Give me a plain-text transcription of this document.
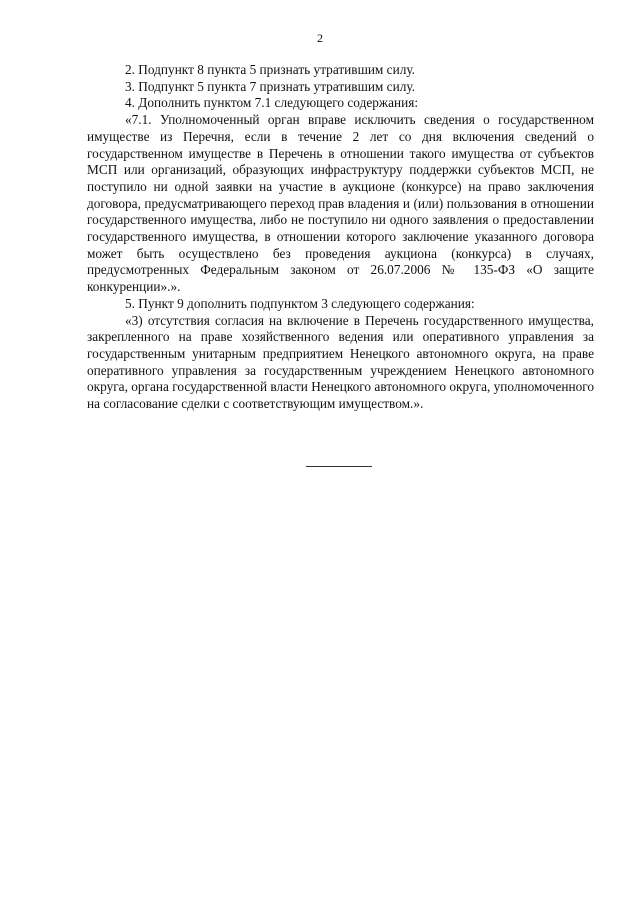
2

2. Подпункт 8 пункта 5 признать утратившим силу.

3. Подпункт 5 пункта 7 признать утратившим силу.

4. Дополнить пунктом 7.1 следующего содержания:

«7.1. Уполномоченный орган вправе исключить сведения о государственном имуществе из Перечня, если в течение 2 лет со дня включения сведений о государственном имуществе в Перечень в отношении такого имущества от субъектов МСП или организаций, образующих инфраструктуру поддержки субъектов МСП, не поступило ни одной заявки на участие в аукционе (конкурсе) на право заключения договора, предусматривающего переход прав владения и (или) пользования в отношении государственного имущества, либо не поступило ни одного заявления о предоставлении государственного имущества, в отношении которого заключение указанного договора может быть осуществлено без проведения аукциона (конкурса) в случаях, предусмотренных Федеральным законом от 26.07.2006 № 135-ФЗ «О защите конкуренции».».

5. Пункт 9 дополнить подпунктом 3 следующего содержания:

«3) отсутствия согласия на включение в Перечень государственного имущества, закрепленного на праве хозяйственного ведения или оперативного управления за государственным унитарным предприятием Ненецкого автономного округа, на праве оперативного управления за государственным учреждением Ненецкого автономного округа, органа государственной власти Ненецкого автономного округа, уполномоченного на согласование сделки с соответствующим имуществом.».
